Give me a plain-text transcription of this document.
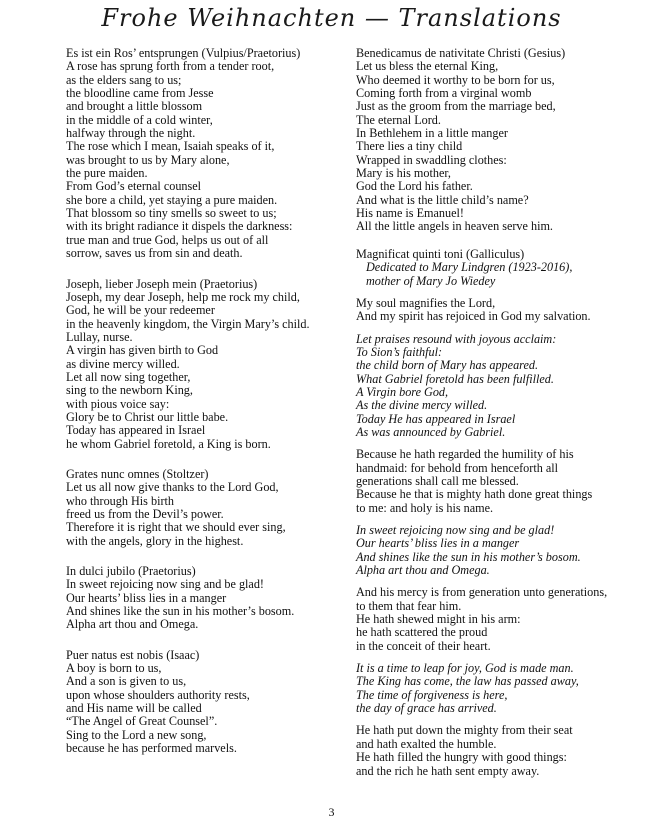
Frohe Weihnachten — Translations
Es ist ein Ros’ entsprungen (Vulpius/Praetorius)
A rose has sprung forth from a tender root,
as the elders sang to us;
the bloodline came from Jesse
and brought a little blossom
in the middle of a cold winter,
halfway through the night.
The rose which I mean, Isaiah speaks of it,
was brought to us by Mary alone,
the pure maiden.
From God’s eternal counsel
she bore a child, yet staying a pure maiden.
That blossom so tiny smells so sweet to us;
with its bright radiance it dispels the darkness:
true man and true God, helps us out of all
sorrow, saves us from sin and death.
Joseph, lieber Joseph mein (Praetorius)
Joseph, my dear Joseph, help me rock my child,
God, he will be your redeemer
in the heavenly kingdom, the Virgin Mary’s child.
Lullay, nurse.
A virgin has given birth to God
as divine mercy willed.
Let all now sing together,
sing to the newborn King,
with pious voice say:
Glory be to Christ our little babe.
Today has appeared in Israel
he whom Gabriel foretold, a King is born.
Grates nunc omnes (Stoltzer)
Let us all now give thanks to the Lord God,
who through His birth
freed us from the Devil’s power.
Therefore it is right that we should ever sing,
with the angels, glory in the highest.
In dulci jubilo (Praetorius)
In sweet rejoicing now sing and be glad!
Our hearts’ bliss lies in a manger
And shines like the sun in his mother’s bosom.
Alpha art thou and Omega.
Puer natus est nobis (Isaac)
A boy is born to us,
And a son is given to us,
upon whose shoulders authority rests,
and His name will be called
“The Angel of Great Counsel”.
Sing to the Lord a new song,
because he has performed marvels.
Benedicamus de nativitate Christi (Gesius)
Let us bless the eternal King,
Who deemed it worthy to be born for us,
Coming forth from a virginal womb
Just as the groom from the marriage bed,
The eternal Lord.
In Bethlehem in a little manger
There lies a tiny child
Wrapped in swaddling clothes:
Mary is his mother,
God the Lord his father.
And what is the little child’s name?
His name is Emanuel!
All the little angels in heaven serve him.
Magnificat quinti toni (Galliculus)
Dedicated to Mary Lindgren (1923-2016),
mother of Mary Jo Wiedey
My soul magnifies the Lord,
And my spirit has rejoiced in God my salvation.
Let praises resound with joyous acclaim:
To Sion’s faithful:
the child born of Mary has appeared.
What Gabriel foretold has been fulfilled.
A Virgin bore God,
As the divine mercy willed.
Today He has appeared in Israel
As was announced by Gabriel.
Because he hath regarded the humility of his
handmaid: for behold from henceforth all
generations shall call me blessed.
Because he that is mighty hath done great things
to me: and holy is his name.
In sweet rejoicing now sing and be glad!
Our hearts’ bliss lies in a manger
And shines like the sun in his mother’s bosom.
Alpha art thou and Omega.
And his mercy is from generation unto generations,
to them that fear him.
He hath shewed might in his arm:
he hath scattered the proud
in the conceit of their heart.
It is a time to leap for joy, God is made man.
The King has come, the law has passed away,
The time of forgiveness is here,
the day of grace has arrived.
He hath put down the mighty from their seat
and hath exalted the humble.
He hath filled the hungry with good things:
and the rich he hath sent empty away.
3
